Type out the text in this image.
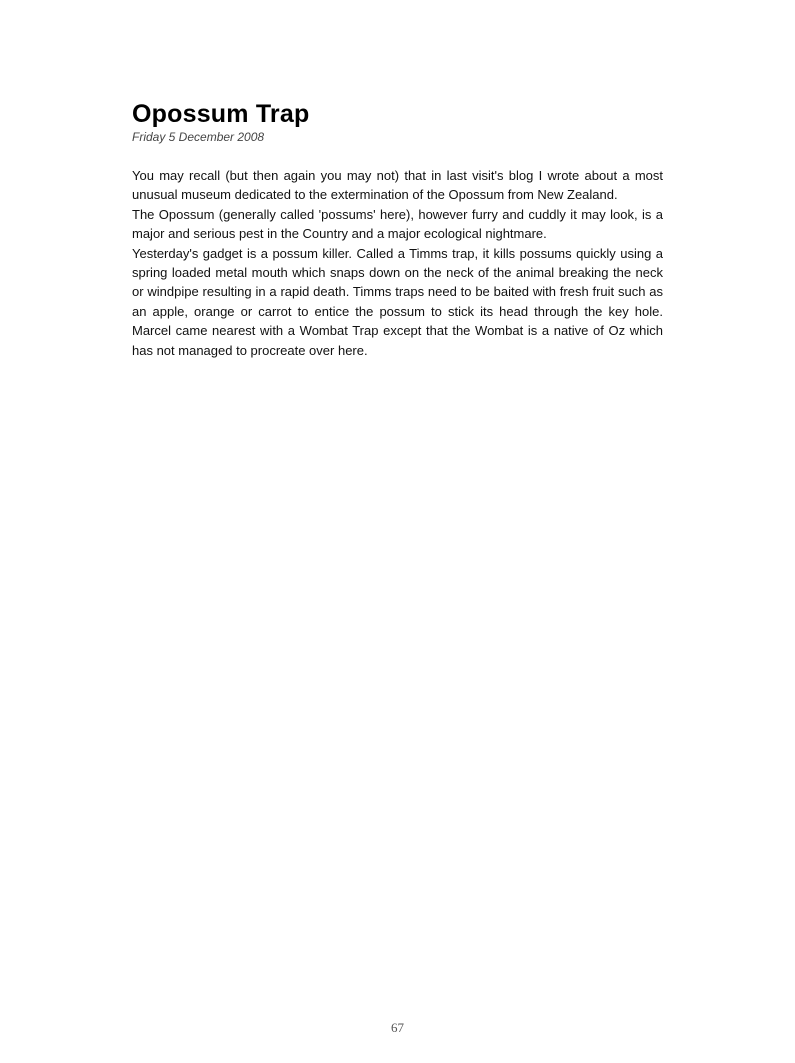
Opossum Trap

Friday 5 December 2008

You may recall (but then again you may not) that in last visit's blog I wrote about a most unusual museum dedicated to the extermination of the Opossum from New Zealand.

The Opossum (generally called 'possums' here), however furry and cuddly it may look, is a major and serious pest in the Country and a major ecological nightmare.

Yesterday's gadget is a possum killer. Called a Timms trap, it kills possums quickly using a spring loaded metal mouth which snaps down on the neck of the animal breaking the neck or windpipe resulting in a rapid death. Timms traps need to be baited with fresh fruit such as an apple, orange or carrot to entice the possum to stick its head through the key hole. Marcel came nearest with a Wombat Trap except that the Wombat is a native of Oz which has not managed to procreate over here.

67
